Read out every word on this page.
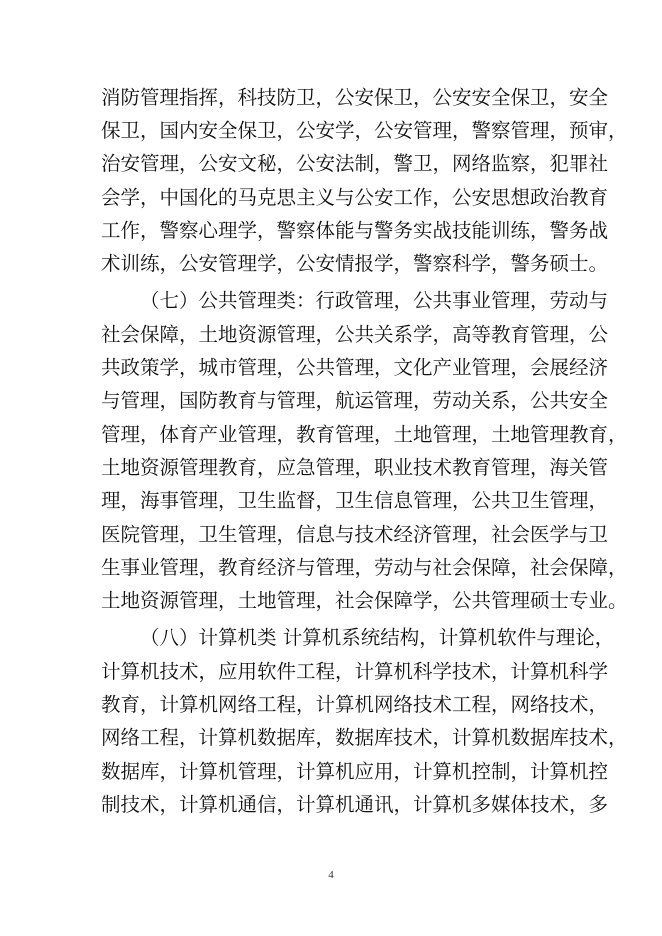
消防管理指挥，科技防卫，公安保卫，公安安全保卫，安全
保卫，国内安全保卫，公安学，公安管理，警察管理，预审，
治安管理，公安文秘，公安法制，警卫，网络监察，犯罪社
会学，中国化的马克思主义与公安工作，公安思想政治教育
工作，警察心理学，警察体能与警务实战技能训练，警务战
术训练，公安管理学，公安情报学，警察科学，警务硕士。
（七）公共管理类：行政管理，公共事业管理，劳动与
社会保障，土地资源管理，公共关系学，高等教育管理，公
共政策学，城市管理，公共管理，文化产业管理，会展经济
与管理，国防教育与管理，航运管理，劳动关系，公共安全
管理，体育产业管理，教育管理，土地管理，土地管理教育，
土地资源管理教育，应急管理，职业技术教育管理，海关管
理，海事管理，卫生监督，卫生信息管理，公共卫生管理，
医院管理，卫生管理，信息与技术经济管理，社会医学与卫
生事业管理，教育经济与管理，劳动与社会保障，社会保障，
土地资源管理，土地管理，社会保障学，公共管理硕士专业。
（八）计算机类 计算机系统结构，计算机软件与理论，
计算机技术，应用软件工程，计算机科学技术，计算机科学
教育，计算机网络工程，计算机网络技术工程，网络技术，
网络工程，计算机数据库，数据库技术，计算机数据库技术，
数据库，计算机管理，计算机应用，计算机控制，计算机控
制技术，计算机通信，计算机通讯，计算机多媒体技术，多
4
